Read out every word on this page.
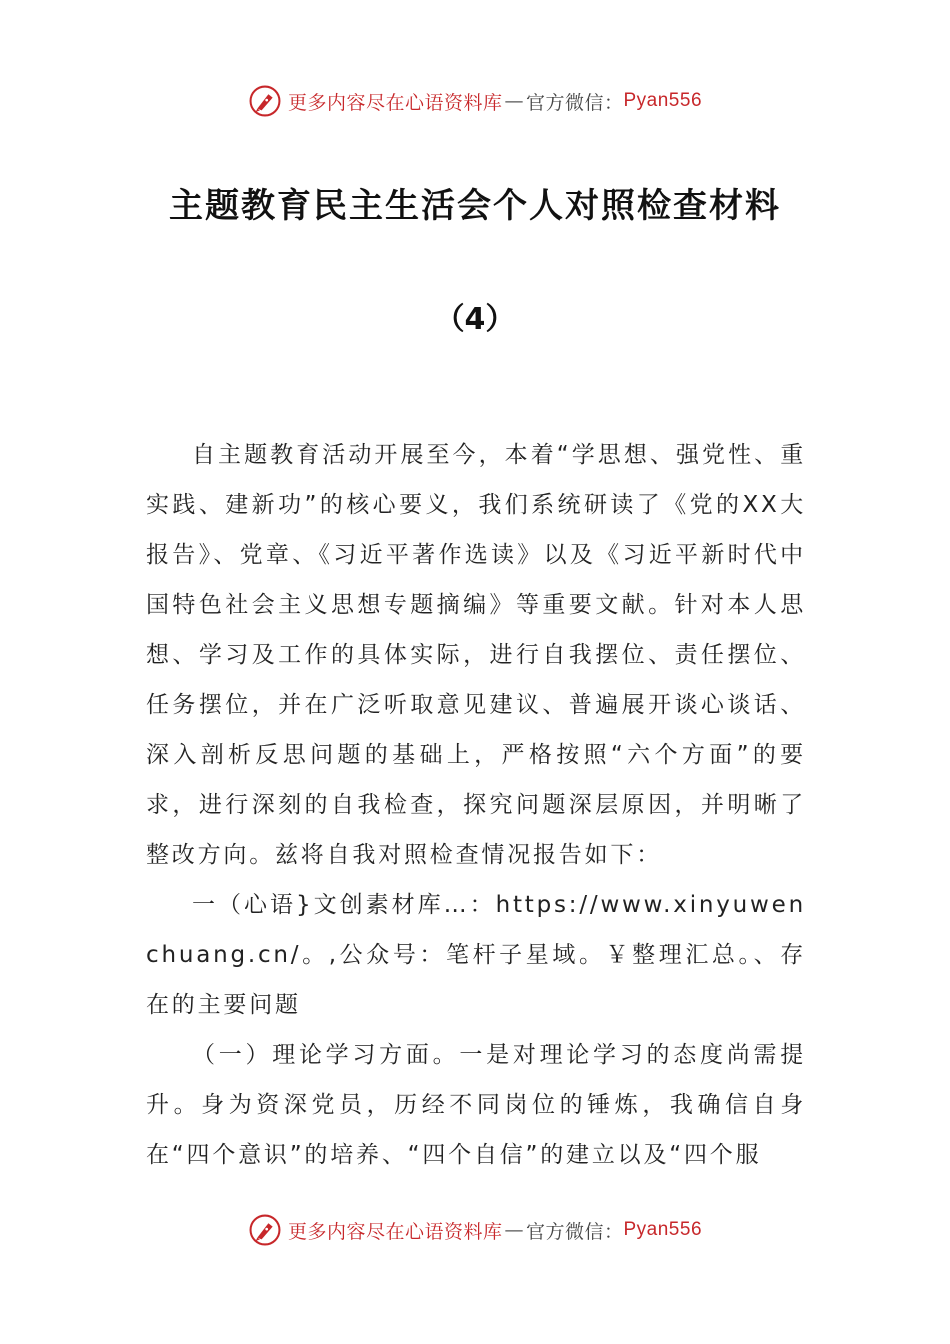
更多内容尽在心语资料库 — 官方微信： Pyan556
主题教育民主生活会个人对照检查材料
（4）

自主题教育活动开展至今，本着“学思想、强党性、重实践、建新功”的核心要义，我们系统研读了《党的XX大报告》、党章、《习近平著作选读》以及《习近平新时代中国特色社会主义思想专题摘编》等重要文献。针对本人思想、学习及工作的具体实际，进行自我摆位、责任摆位、任务摆位，并在广泛听取意见建议、普遍展开谈心谈话、深入剖析反思问题的基础上，严格按照“六个方面”的要求，进行深刻的自我检查，探究问题深层原因，并明晰了整改方向。兹将自我对照检查情况报告如下：

一（心语}文创素材库…：https://www.xinyuwenchuang.cn/。,公众号：笔杆子星域。￥整理汇总。、存在的主要问题

（一）理论学习方面。一是对理论学习的态度尚需提升。身为资深党员，历经不同岗位的锤炼，我确信自身在“四个意识”的培养、“四个自信”的建立以及“四个服

更多内容尽在心语资料库 — 官方微信： Pyan556
